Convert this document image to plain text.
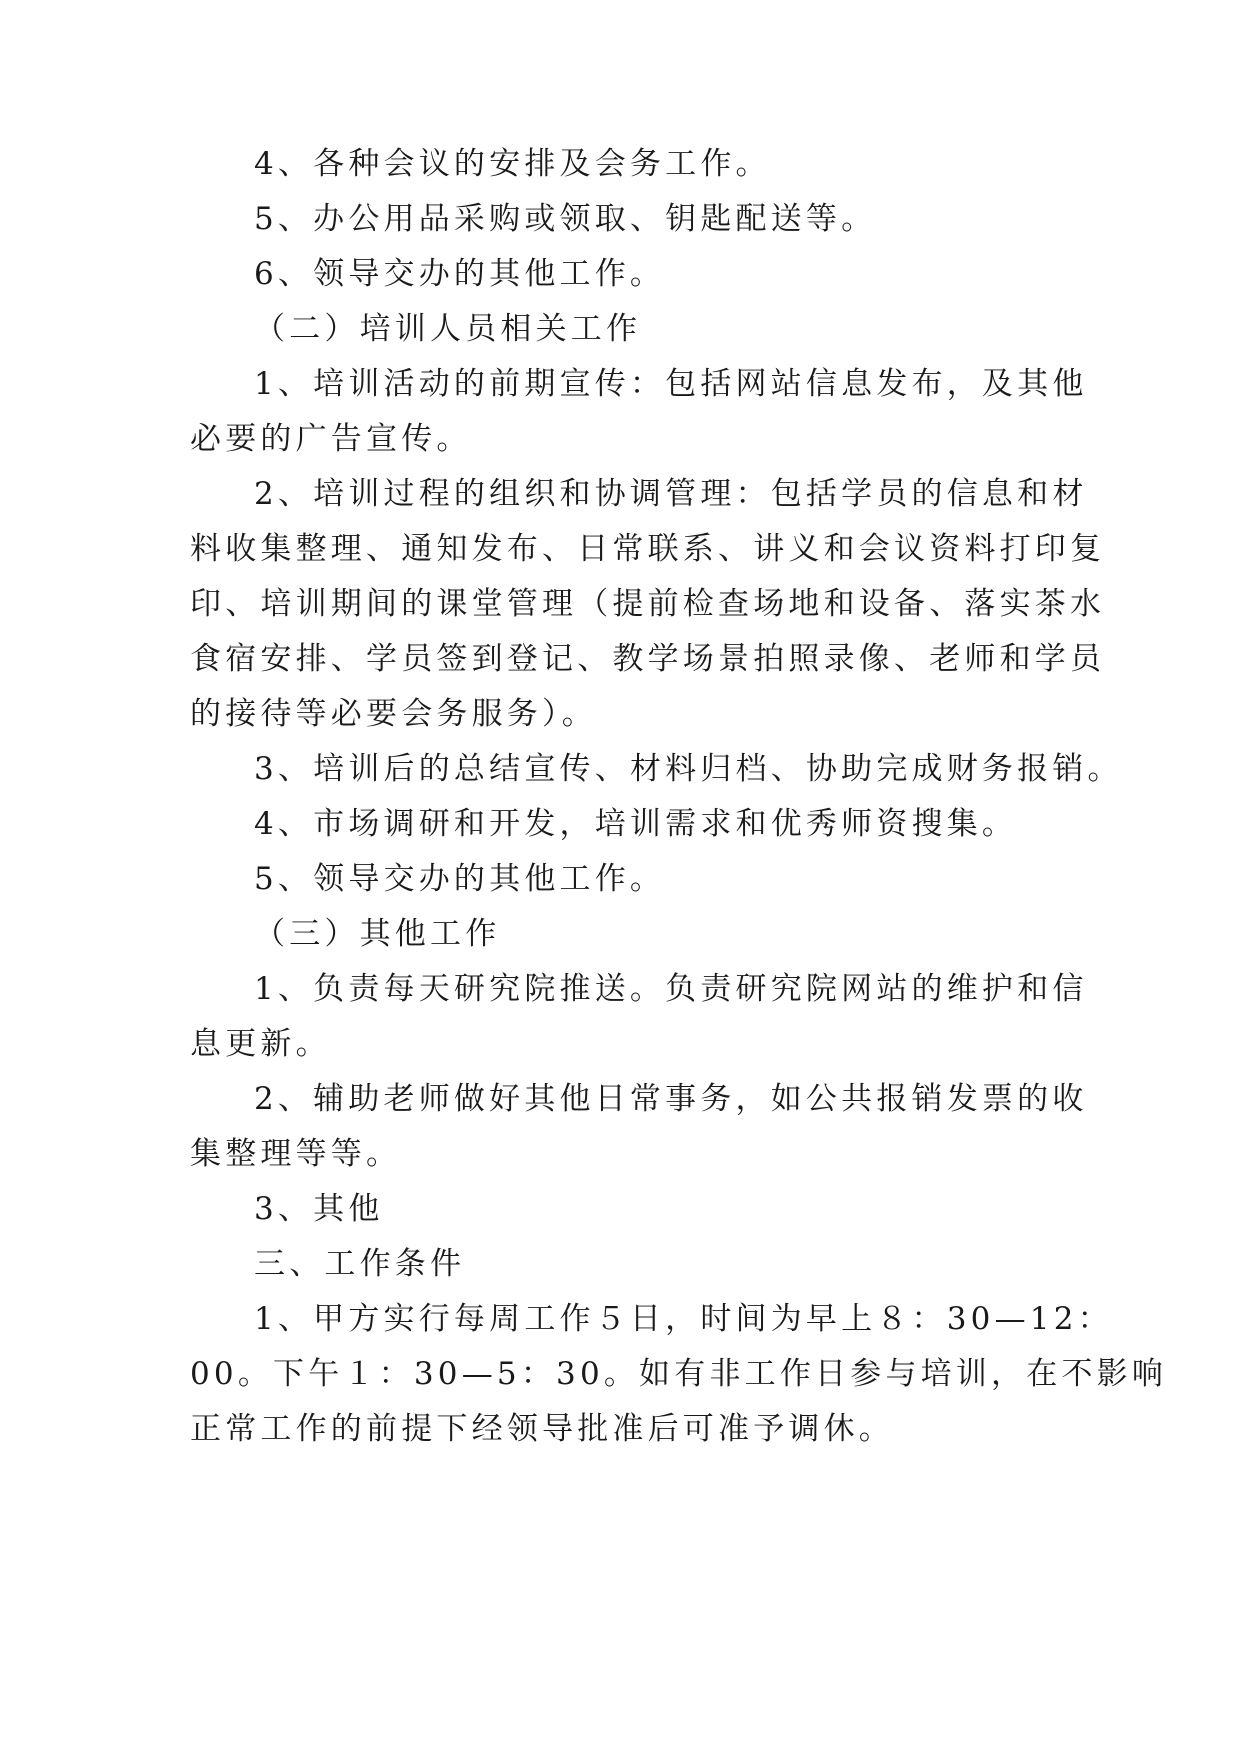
4、各种会议的安排及会务工作。
5、办公用品采购或领取、钥匙配送等。
6、领导交办的其他工作。
（二）培训人员相关工作
1、培训活动的前期宣传：包括网站信息发布，及其他
必要的广告宣传。
2、培训过程的组织和协调管理：包括学员的信息和材
料收集整理、通知发布、日常联系、讲义和会议资料打印复
印、培训期间的课堂管理（提前检查场地和设备、落实茶水
食宿安排、学员签到登记、教学场景拍照录像、老师和学员
的接待等必要会务服务）。
3、培训后的总结宣传、材料归档、协助完成财务报销。
4、市场调研和开发，培训需求和优秀师资搜集。
5、领导交办的其他工作。
（三）其他工作
1、负责每天研究院推送。负责研究院网站的维护和信
息更新。
2、辅助老师做好其他日常事务，如公共报销发票的收
集整理等等。
3、其他
三、工作条件
1、甲方实行每周工作５日，时间为早上８：30—12：
00。下午１：30—5：30。如有非工作日参与培训，在不影响
正常工作的前提下经领导批准后可准予调休。
